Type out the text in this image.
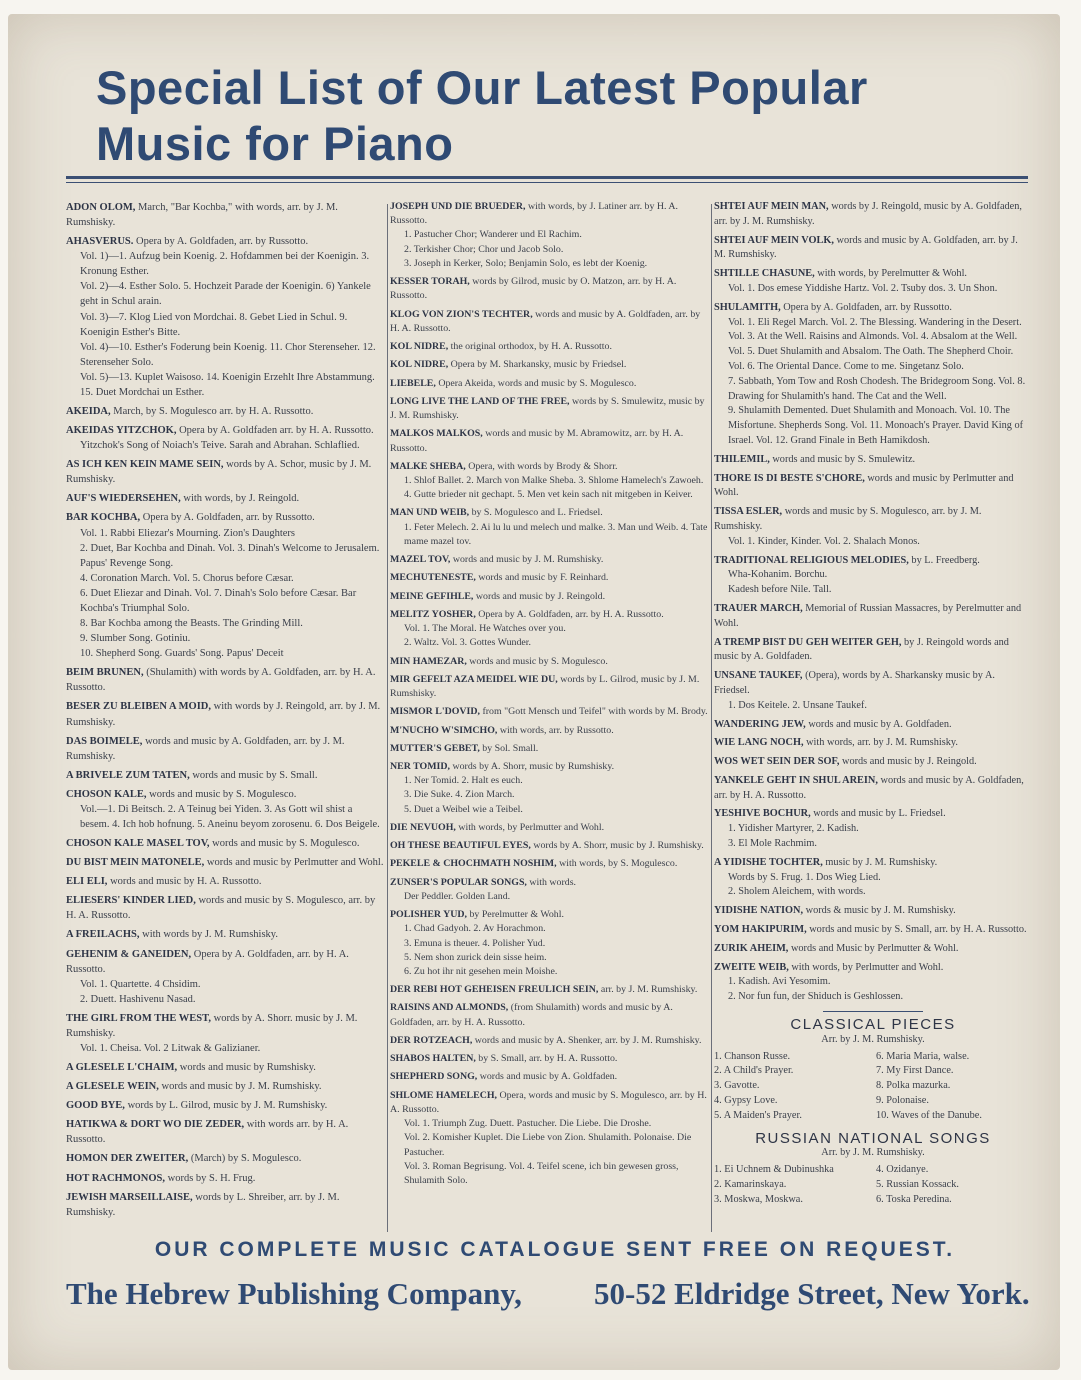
Special List of Our Latest Popular
Music for Piano
ADON OLOM, March, "Bar Kochba," with words, arr. by J. M. Rumshisky.
AHASVERUS. Opera by A. Goldfaden, arr. by Russotto.
Vol. 1)—1. Aufzug bein Koenig. 2. Hofdammen bei der Koenigin. 3. Kronung Esther.
Vol. 2)—4. Esther Solo. 5. Hochzeit Parade der Koenigin. 6) Yankele geht in Schul arain.
Vol. 3)—7. Klog Lied von Mordchai. 8. Gebet Lied in Schul. 9. Koenigin Esther's Bitte.
Vol. 4)—10. Esther's Foderung bein Koenig. 11. Chor Sterenseher. 12. Sterenseher Solo.
Vol. 5)—13. Kuplet Waisoso. 14. Koenigin Erzehlt Ihre Abstammung. 15. Duet Mordchai un Esther.
AKEIDA, March, by S. Mogulesco arr. by H. A. Russotto.
AKEIDAS YITZCHOK, Opera by A. Goldfaden arr. by H. A. Russotto.
Yitzchok's Song of Noiach's Teive. Sarah and Abrahan. Schlaflied.
AS ICH KEN KEIN MAME SEIN, words by A. Schor, music by J. M. Rumshisky.
AUF'S WIEDERSEHEN, with words, by J. Reingold.
BAR KOCHBA, Opera by A. Goldfaden, arr. by Russotto.
Vol. 1. Rabbi Eliezar's Mourning. Zion's Daughters
2. Duet, Bar Kochba and Dinah. Vol. 3. Dinah's Welcome to Jerusalem. Papus' Revenge Song.
4. Coronation March. Vol. 5. Chorus before Cæsar.
6. Duet Eliezar and Dinah. Vol. 7. Dinah's Solo before Cæsar. Bar Kochba's Triumphal Solo.
8. Bar Kochba among the Beasts. The Grinding Mill.
9. Slumber Song. Gotiniu.
10. Shepherd Song. Guards' Song. Papus' Deceit
BEIM BRUNEN, (Shulamith) with words by A. Goldfaden, arr. by H. A. Russotto.
BESER ZU BLEIBEN A MOID, with words by J. Reingold, arr. by J. M. Rumshisky.
DAS BOIMELE, words and music by A. Goldfaden, arr. by J. M. Rumshisky.
A BRIVELE ZUM TATEN, words and music by S. Small.
CHOSON KALE, words and music by S. Mogulesco.
Vol.—1. Di Beitsch. 2. A Teinug bei Yiden. 3. As Gott wil shist a besem. 4. Ich hob hofnung. 5. Aneinu beyom zorosenu. 6. Dos Beigele.
CHOSON KALE MASEL TOV, words and music by S. Mogulesco.
DU BIST MEIN MATONELE, words and music by Perlmutter and Wohl.
ELI ELI, words and music by H. A. Russotto.
ELIESERS' KINDER LIED, words and music by S. Mogulesco, arr. by H. A. Russotto.
A FREILACHS, with words by J. M. Rumshisky.
GEHENIM & GANEIDEN, Opera by A. Goldfaden, arr. by H. A. Russotto.
Vol. 1. Quartette. 4 Chsidim.
2. Duett. Hashivenu Nasad.
THE GIRL FROM THE WEST, words by A. Shorr. music by J. M. Rumshisky.
Vol. 1. Cheisa. Vol. 2 Litwak & Galizianer.
A GLESELE L'CHAIM, words and music by Rumshisky.
A GLESELE WEIN, words and music by J. M. Rumshisky.
GOOD BYE, words by L. Gilrod, music by J. M. Rumshisky.
HATIKWA & DORT WO DIE ZEDER, with words arr. by H. A. Russotto.
HOMON DER ZWEITER, (March) by S. Mogulesco.
HOT RACHMONOS, words by S. H. Frug.
JEWISH MARSEILLAISE, words by L. Shreiber, arr. by J. M. Rumshisky.
JOSEPH UND DIE BRUEDER, with words, by J. Latiner arr. by H. A. Russotto.
1. Pastucher Chor; Wanderer und El Rachim.
2. Terkisher Chor; Chor und Jacob Solo.
3. Joseph in Kerker, Solo; Benjamin Solo, es lebt der Koenig.
KESSER TORAH, words by Gilrod, music by O. Matzon, arr. by H. A. Russotto.
KLOG VON ZION'S TECHTER, words and music by A. Goldfaden, arr. by H. A. Russotto.
KOL NIDRE, the original orthodox, by H. A. Russotto.
KOL NIDRE, Opera by M. Sharkansky, music by Friedsel.
LIEBELE, Opera Akeida, words and music by S. Mogulesco.
LONG LIVE THE LAND OF THE FREE, words by S. Smulewitz, music by J. M. Rumshisky.
MALKOS MALKOS, words and music by M. Abramowitz, arr. by H. A. Russotto.
MALKE SHEBA, Opera, with words by Brody & Shorr.
1. Shlof Ballet. 2. March von Malke Sheba. 3. Shlome Hamelech's Zawoeh. 4. Gutte brieder nit gechapt. 5. Men vet kein sach nit mitgeben in Keiver.
MAN UND WEIB, by S. Mogulesco and L. Friedsel.
1. Feter Melech. 2. Ai lu lu und melech und malke. 3. Man und Weib. 4. Tate mame mazel tov.
MAZEL TOV, words and music by J. M. Rumshisky.
MECHUTENESTE, words and music by F. Reinhard.
MEINE GEFIHLE, words and music by J. Reingold.
MELITZ YOSHER, Opera by A. Goldfaden, arr. by H. A. Russotto.
Vol. 1. The Moral. He Watches over you.
2. Waltz. Vol. 3. Gottes Wunder.
MIN HAMEZAR, words and music by S. Mogulesco.
MIR GEFELT AZA MEIDEL WIE DU, words by L. Gilrod, music by J. M. Rumshisky.
MISMOR L'DOVID, from "Gott Mensch und Teifel" with words by M. Brody.
M'NUCHO W'SIMCHO, with words, arr. by Russotto.
MUTTER'S GEBET, by Sol. Small.
NER TOMID, words by A. Shorr, music by Rumshisky.
1. Ner Tomid. 2. Halt es euch.
3. Die Suke. 4. Zion March.
5. Duet a Weibel wie a Teibel.
DIE NEVUOH, with words, by Perlmutter and Wohl.
OH THESE BEAUTIFUL EYES, words by A. Shorr, music by J. Rumshisky.
PEKELE & CHOCHMATH NOSHIM, with words, by S. Mogulesco.
ZUNSER'S POPULAR SONGS, with words.
Der Peddler. Golden Land.
POLISHER YUD, by Perelmutter & Wohl.
1. Chad Gadyoh. 2. Av Horachmon.
3. Emuna is theuer. 4. Polisher Yud.
5. Nem shon zurick dein sisse heim.
6. Zu hot ihr nit gesehen mein Moishe.
DER REBI HOT GEHEISEN FREULICH SEIN, arr. by J. M. Rumshisky.
RAISINS AND ALMONDS, (from Shulamith) words and music by A. Goldfaden, arr. by H. A. Russotto.
DER ROTZEACH, words and music by A. Shenker, arr. by J. M. Rumshisky.
SHABOS HALTEN, by S. Small, arr. by H. A. Russotto.
SHEPHERD SONG, words and music by A. Goldfaden.
SHLOME HAMELECH, Opera, words and music by S. Mogulesco, arr. by H. A. Russotto.
Vol. 1. Triumph Zug. Duett. Pastucher. Die Liebe. Die Droshe.
Vol. 2. Komisher Kuplet. Die Liebe von Zion. Shulamith. Polonaise. Die Pastucher.
Vol. 3. Roman Begrisung. Vol. 4. Teifel scene, ich bin gewesen gross, Shulamith Solo.
SHTEI AUF MEIN MAN, words by J. Reingold, music by A. Goldfaden, arr. by J. M. Rumshisky.
SHTEI AUF MEIN VOLK, words and music by A. Goldfaden, arr. by J. M. Rumshisky.
SHTILLE CHASUNE, with words, by Perelmutter & Wohl.
Vol. 1. Dos emese Yiddishe Hartz. Vol. 2. Tsuby dos. 3. Un Shon.
SHULAMITH, Opera by A. Goldfaden, arr. by Russotto.
Vol. 1. Eli Regel March. Vol. 2. The Blessing. Wandering in the Desert. Vol. 3. At the Well. Raisins and Almonds. Vol. 4. Absalom at the Well. Vol. 5. Duet Shulamith and Absalom. The Oath. The Shepherd Choir. Vol. 6. The Oriental Dance. Come to me. Singetanz Solo.
7. Sabbath, Yom Tow and Rosh Chodesh. The Bridegroom Song. Vol. 8. Drawing for Shulamith's hand. The Cat and the Well.
9. Shulamith Demented. Duet Shulamith and Monoach. Vol. 10. The Misfortune. Shepherds Song. Vol. 11. Monoach's Prayer. David King of Israel. Vol. 12. Grand Finale in Beth Hamikdosh.
THILEMIL, words and music by S. Smulewitz.
THORE IS DI BESTE S'CHORE, words and music by Perlmutter and Wohl.
TISSA ESLER, words and music by S. Mogulesco, arr. by J. M. Rumshisky.
Vol. 1. Kinder, Kinder. Vol. 2. Shalach Monos.
TRADITIONAL RELIGIOUS MELODIES, by L. Freedberg.
Wha-Kohanim. Borchu.
Kadesh before Nile. Tall.
TRAUER MARCH, Memorial of Russian Massacres, by Perelmutter and Wohl.
A TREMP BIST DU GEH WEITER GEH, by J. Reingold words and music by A. Goldfaden.
UNSANE TAUKEF, (Opera), words by A. Sharkansky music by A. Friedsel.
1. Dos Keitele. 2. Unsane Taukef.
WANDERING JEW, words and music by A. Goldfaden.
WIE LANG NOCH, with words, arr. by J. M. Rumshisky.
WOS WET SEIN DER SOF, words and music by J. Reingold.
YANKELE GEHT IN SHUL AREIN, words and music by A. Goldfaden, arr. by H. A. Russotto.
YESHIVE BOCHUR, words and music by L. Friedsel.
1. Yidisher Martyrer, 2. Kadish.
3. El Mole Rachmim.
A YIDISHE TOCHTER, music by J. M. Rumshisky.
Words by S. Frug. 1. Dos Wieg Lied.
2. Sholem Aleichem, with words.
YIDISHE NATION, words & music by J. M. Rumshisky.
YOM HAKIPURIM, words and music by S. Small, arr. by H. A. Russotto.
ZURIK AHEIM, words and Music by Perlmutter & Wohl.
ZWEITE WEIB, with words, by Perlmutter and Wohl.
1. Kadish. Avi Yesomim.
2. Nor fun fun, der Shiduch is Geshlossen.
CLASSICAL PIECES
Arr. by J. M. Rumshisky.
1. Chanson Russe.	6. Maria Maria, walse.
2. A Child's Prayer.	7. My First Dance.
3. Gavotte.	8. Polka mazurka.
4. Gypsy Love.	9. Polonaise.
5. A Maiden's Prayer.	10. Waves of the Danube.
RUSSIAN NATIONAL SONGS
Arr. by J. M. Rumshisky.
1. Ei Uchnem & Dubinushka	4. Ozidanye.
2. Kamarinskaya.	5. Russian Kossack.
3. Moskwa, Moskwa.	6. Toska Peredina.
OUR COMPLETE MUSIC CATALOGUE SENT FREE ON REQUEST.
The Hebrew Publishing Company, 50-52 Eldridge Street, New York.
